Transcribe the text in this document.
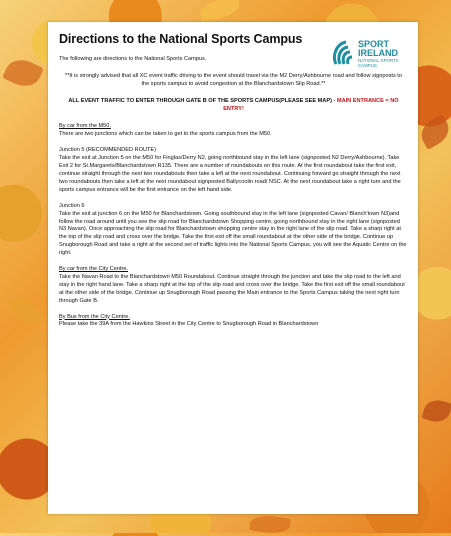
SPORT
IRELAND
NATIONAL SPORTS
CAMPUS
Directions to the National Sports Campus

The following are directions to the National Sports Campus.

**It is strongly advised that all XC event traffic driving to the event should travel via the M2 Derry/Ashbourne road and follow signposts to the sports campus to avoid congestion at the Blanchardstown Slip Road.**

ALL EVENT TRAFFIC TO ENTER THROUGH GATE B OF THE SPORTS CAMPUS(PLEASE SEE MAP) - MAIN ENTRANCE = NO ENTRY!

By car from the M50.

There are two junctions which can be taken to get to the sports campus from the M50.

Junction 5 (RECOMMENDED ROUTE)

Take the exit at Junction 5 on the M50 for Finglas/Derry N2, going northbound stay in the left lane (signposted N2 Derry/Ashbourne). Take Exit 2 for St.Margarets/Blanchardstown R135. There are a number of roundabouts on this route. At the first roundabout take the first exit, continue straight through the next two roundabouts then take a left at the next roundabout. Continuing forward go straight through the next two roundabouts then take a left at the next roundabout signposted Ballycoolin road/ NSC. At the next roundabout take a right turn and the sports campus entrance will be the first entrance on the left hand side.

Junction 6

Take the exit at junction 6 on the M50 for Blanchardstown. Going southbound stay in the left lane (signposted Cavan/ Blanch'town N3)and follow the road around until you see the slip road for Blanchardstown Shopping centre, going northbound stay in the right lane (signposted N3 Navan). Once approaching the slip road for Blanchardstown shopping centre stay in the right lane of the slip road. Take a sharp right at the top of the slip road and cross over the bridge. Take the first exit off the small roundabout at the other side of the bridge. Continue up Snugborough Road and take a right at the second set of traffic lights into the National Sports Campus, you will see the Aquatic Centre on the right.

By car from the City Centre.

Take the Navan Road to the Blanchardstown M50 Roundabout. Continue straight through the junction and take the slip road to the left and stay in the right hand lane. Take a sharp right at the top of the slip road and cross over the bridge. Take the first exit off the small roundabout at the other side of the bridge. Continue up Snugborough Road passing the Main entrance to the Sports Campus taking the next right turn through Gate B.

By Bus from the City Centre.

Please take the 39A from the Hawkins Street in the City Centre to Snugborough Road in Blanchardstown
